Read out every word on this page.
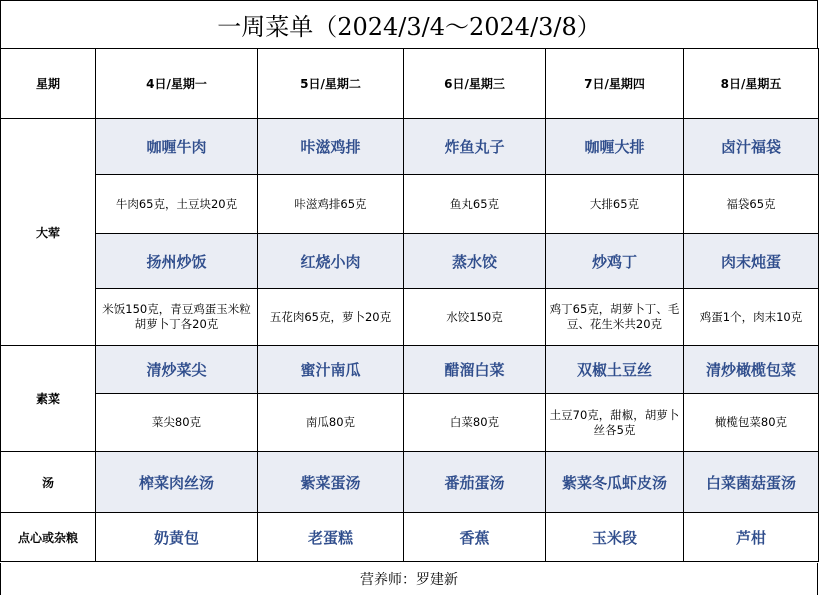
一周菜单（2024/3/4～2024/3/8）
星期	4日/星期一	5日/星期二	6日/星期三	7日/星期四	8日/星期五
大荤	咖喱牛肉	咔滋鸡排	炸鱼丸子	咖喱大排	卤汁福袋
	牛肉65克，土豆块20克	咔滋鸡排65克	鱼丸65克	大排65克	福袋65克
	扬州炒饭	红烧小肉	蒸水饺	炒鸡丁	肉末炖蛋
	米饭150克，青豆鸡蛋玉米粒胡萝卜丁各20克	五花肉65克，萝卜20克	水饺150克	鸡丁65克，胡萝卜丁、毛豆、花生米共20克	鸡蛋1个，肉末10克
素菜	清炒菜尖	蜜汁南瓜	醋溜白菜	双椒土豆丝	清炒橄榄包菜
	菜尖80克	南瓜80克	白菜80克	土豆70克，甜椒，胡萝卜丝各5克	橄榄包菜80克
汤	榨菜肉丝汤	紫菜蛋汤	番茄蛋汤	紫菜冬瓜虾皮汤	白菜菌菇蛋汤
点心或杂粮	奶黄包	老蛋糕	香蕉	玉米段	芦柑
营养师：罗建新
